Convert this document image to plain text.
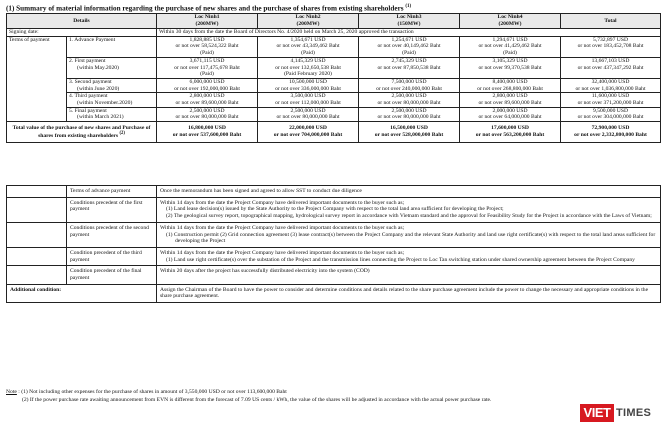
(1) Summary of material information regarding the purchase of new shares and the purchase of shares from existing shareholders $^{(1)}$
Details		Loc Ninh1
(200MW)	Loc Ninh2
(200MW)	Loc Ninh3
(150MW)	Loc Ninh4
(200MW)	Total
Signing date:		Within 30 days from the date the Board of Directors No. 4/2020 held on March 25, 2020 approved the transaction				
Terms of payment	1. Advance Payment	1,828,885 USD
or not over 58,524,322 Baht
(Paid)	1,354,671 USD
or not over 43,349,462 Baht
(Paid)	1,254,671 USD
or not over 40,149,462 Baht
(Paid)	1,294,671 USD
or not over 41,429,462 Baht
(Paid)	5,732,897 USD
or not over 183,452,708 Baht
	2. First payment
(within May.2020)	3,671,115 USD
or not over 117,475,678 Baht
(Paid)	4,145,329 USD
or not over 132,650,538 Baht
(Paid February 2020)	2,745,329 USD
or not over 87,850,538 Baht	3,105,329 USD
or not over 99,370,538 Baht	13,667,103 USD
or not over 437,347,292 Baht
	3. Second payment
(within June 2020)	6,000,000 USD
or not over 192,000,000 Baht	10,500,000 USD
or not over 336,000,000 Baht	7,500,000 USD
or not over 240,000,000 Baht	8,400,000 USD
or not over 268,800,000 Baht	32,400,000 USD
or not over 1,036,800,000 Baht
	4. Third payment
(within November.2020)	2,800,000 USD
or not over 89,600,000 Baht	3,500,000 USD
or not over 112,000,000 Baht	2,500,000 USD
or not over 80,000,000 Baht	2,800,000 USD
or not over 89,600,000 Baht	11,600,000 USD
or not over 371,200,000 Baht
	5. Final payment
(within March 2021)	2,500,000 USD
or not over 80,000,000 Baht	2,500,000 USD
or not over 80,000,000 Baht	2,500,000 USD
or not over 80,000,000 Baht	2,000,000 USD
or not over 64,000,000 Baht	9,500,000 USD
or not over 304,000,000 Baht
Total value of the purchase of new shares and Purchase of shares from existing shareholders $^{(2)}$		16,800,000 USD
or not over 537,600,000 Baht	22,000,000 USD
or not over 704,000,000 Baht	16,500,000 USD
or not over 528,000,000 Baht	17,600,000 USD
or not over 563,200,000 Baht	72,900,000 USD
or not over 2,332,800,000 Baht
	Terms of advance payment	Once the memorandum has been signed and agreed to allow SST to conduct due diligence
	Conditions precedent of the first payment	Within 14 days from the date the Project Company have delivered important documents to the buyer such as;
(1) Land lease decision(s) issued by the State Authority to the Project Company with respect to the total land area sufficient for developing the Project;
(2) The geological survey report, topographical mapping, hydrological survey report in accordance with Vietnam standard and the approval for Feasibility Study for the Project in accordance with the Laws of Vietnam;

	Conditions precedent of the second payment	Within 14 days from the date the Project Company have delivered important documents to the buyer such as;
(1) Construction permit (2) Grid connection agreement (3) lease contract(s) between the Project Company and the relevant State Authority and land use right certificate(s) with respect to the total land areas sufficient for developing the Project

	Condition precedent of the third payment	Within 14 days from the date the Project Company have delivered important documents to the buyer such as;
(1) Land use right certificate(s) over the substation of the Project and the transmission lines connecting the Project to Loc Tan switching station under shared ownership agreement between the Project Company

	Condition precedent of the final payment	Within 20 days after the project has successfully distributed electricity into the system (COD)
Additional condition:		Assign the Chairman of the Board to have the power to consider and determine conditions and details related to the share purchase agreement include the power to change the necessary and appropriate conditions in the share purchase agreement.
Note : (1) Not including other expenses for the purchase of shares in amount of 3,550,000 USD or not over 113,600,000 Baht
(2) If the power purchase rate awaiting announcement from EVN is different from the forecast of 7.09 US cents / kWh, the value of the shares will be adjusted in accordance with the actual power purchase rate.
VIET TIMES
